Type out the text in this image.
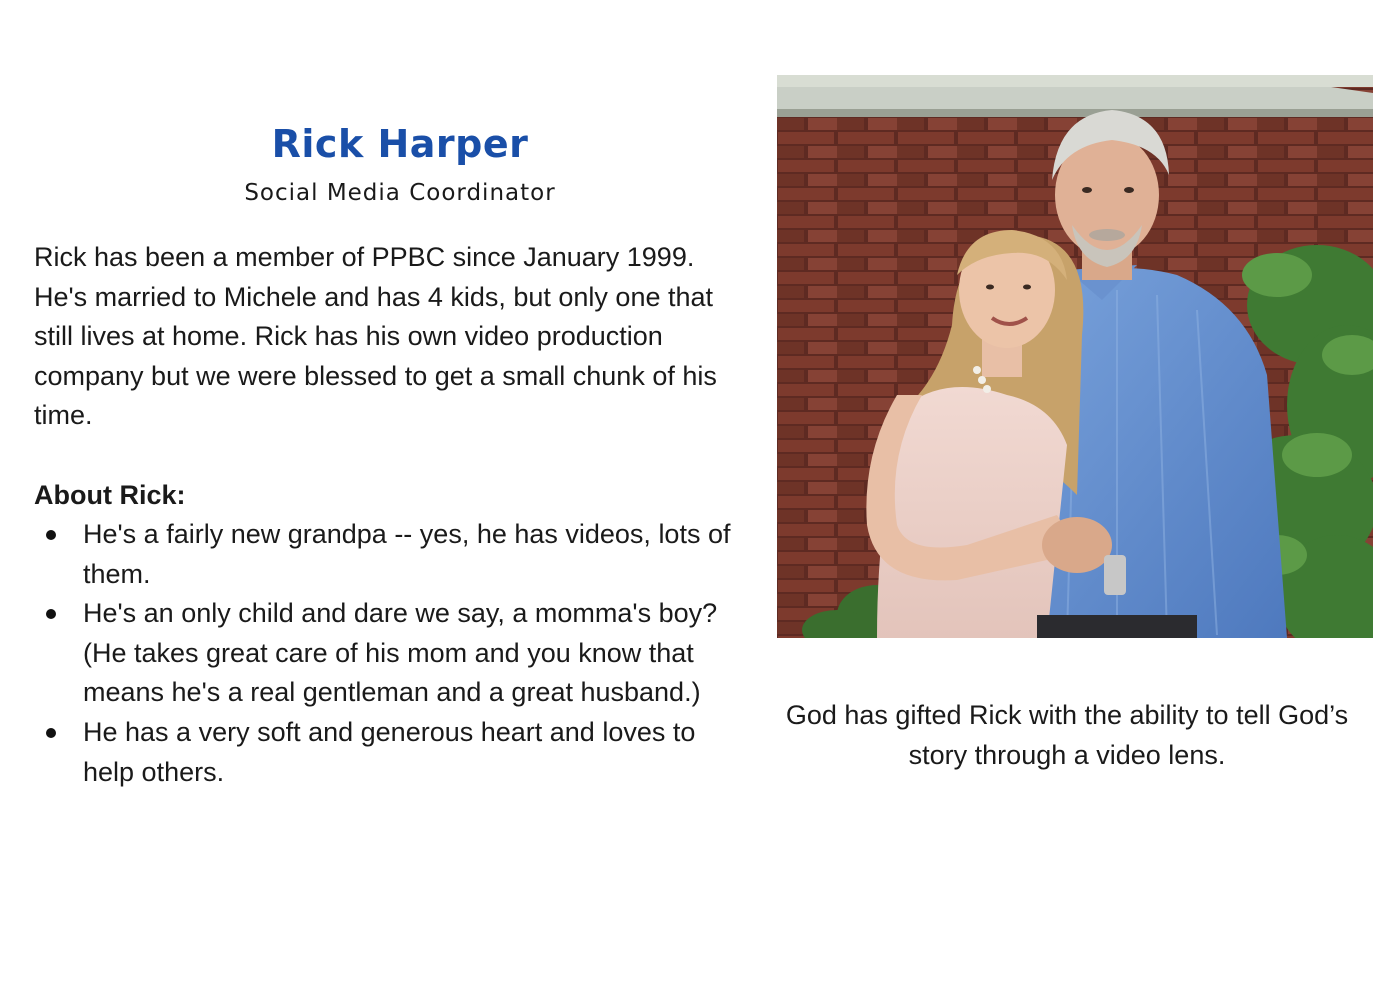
Rick Harper
Social Media Coordinator

Rick has been a member of PPBC since January 1999. He's married to Michele and has 4 kids, but only one that still lives at home. Rick has his own video production company but we were blessed to get a small chunk of his time.

About Rick:

He's a fairly new grandpa -- yes, he has videos, lots of them.
He's an only child and dare we say, a momma's boy? (He takes great care of his mom and you know that means he's a real gentleman and a great husband.)
He has a very soft and generous heart and loves to help others.

God has gifted Rick with the ability to tell God’s story through a video lens.
